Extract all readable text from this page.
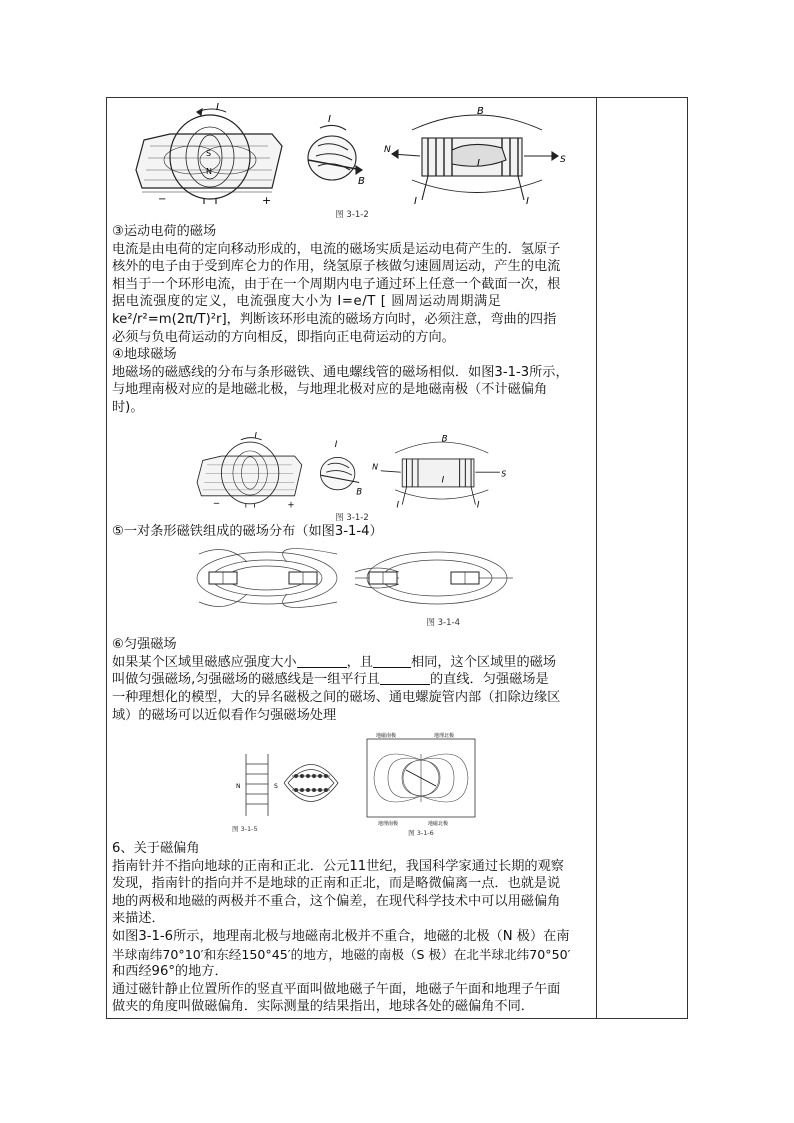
I
−	+
S
N
I
B
B
N
S
I
I	I
图 3-1-2

③运动电荷的磁场

电流是由电荷的定向移动形成的，电流的磁场实质是运动电荷产生的．氢原子

核外的电子由于受到库仑力的作用，绕氢原子核做匀速圆周运动，产生的电流

相当于一个环形电流，由于在一个周期内电子通过环上任意一个截面一次，根

据电流强度的定义，电流强度大小为 I=e/T [ 圆周运动周期满足

ke²/r²=m(2π/T)²r]，判断该环形电流的磁场方向时，必须注意，弯曲的四指

必须与负电荷运动的方向相反，即指向正电荷运动的方向。

④地球磁场

地磁场的磁感线的分布与条形磁铁、通电螺线管的磁场相似．如图3-1-3所示，

与地理南极对应的是地磁北极，与地理北极对应的是地磁南极（不计磁偏角

时)。

I
−	+
I
B
B
N
S
I
I	I
图 3-1-2

⑤一对条形磁铁组成的磁场分布（如图3-1-4）

图 3-1-4

⑥匀强磁场

如果某个区域里磁感应强度大小	，且	相同，这个区域里的磁场

叫做匀强磁场,匀强磁场的磁感线是一组平行且	的直线．匀强磁场是

一种理想化的模型，大的异名磁极之间的磁场、通电螺旋管内部（扣除边缘区

域）的磁场可以近似看作匀强磁场处理

N	S
图 3-1-5
地磁南极	地理北极
地理南极	地磁北极
图 3-1-6

6、关于磁偏角

指南针并不指向地球的正南和正北．公元11世纪，我国科学家通过长期的观察

发现，指南针的指向并不是地球的正南和正北，而是略微偏离一点．也就是说

地的两极和地磁的两极并不重合，这个偏差，在现代科学技术中可以用磁偏角

来描述．

如图3-1-6所示，地理南北极与地磁南北极并不重合，地磁的北极（N 极）在南

半球南纬70°10′和东经150°45′的地方，地磁的南极（S 极）在北半球北纬70°50′

和西经96°的地方．

通过磁针静止位置所作的竖直平面叫做地磁子午面，地磁子午面和地理子午面

做夹的角度叫做磁偏角．实际测量的结果指出，地球各处的磁偏角不同．
